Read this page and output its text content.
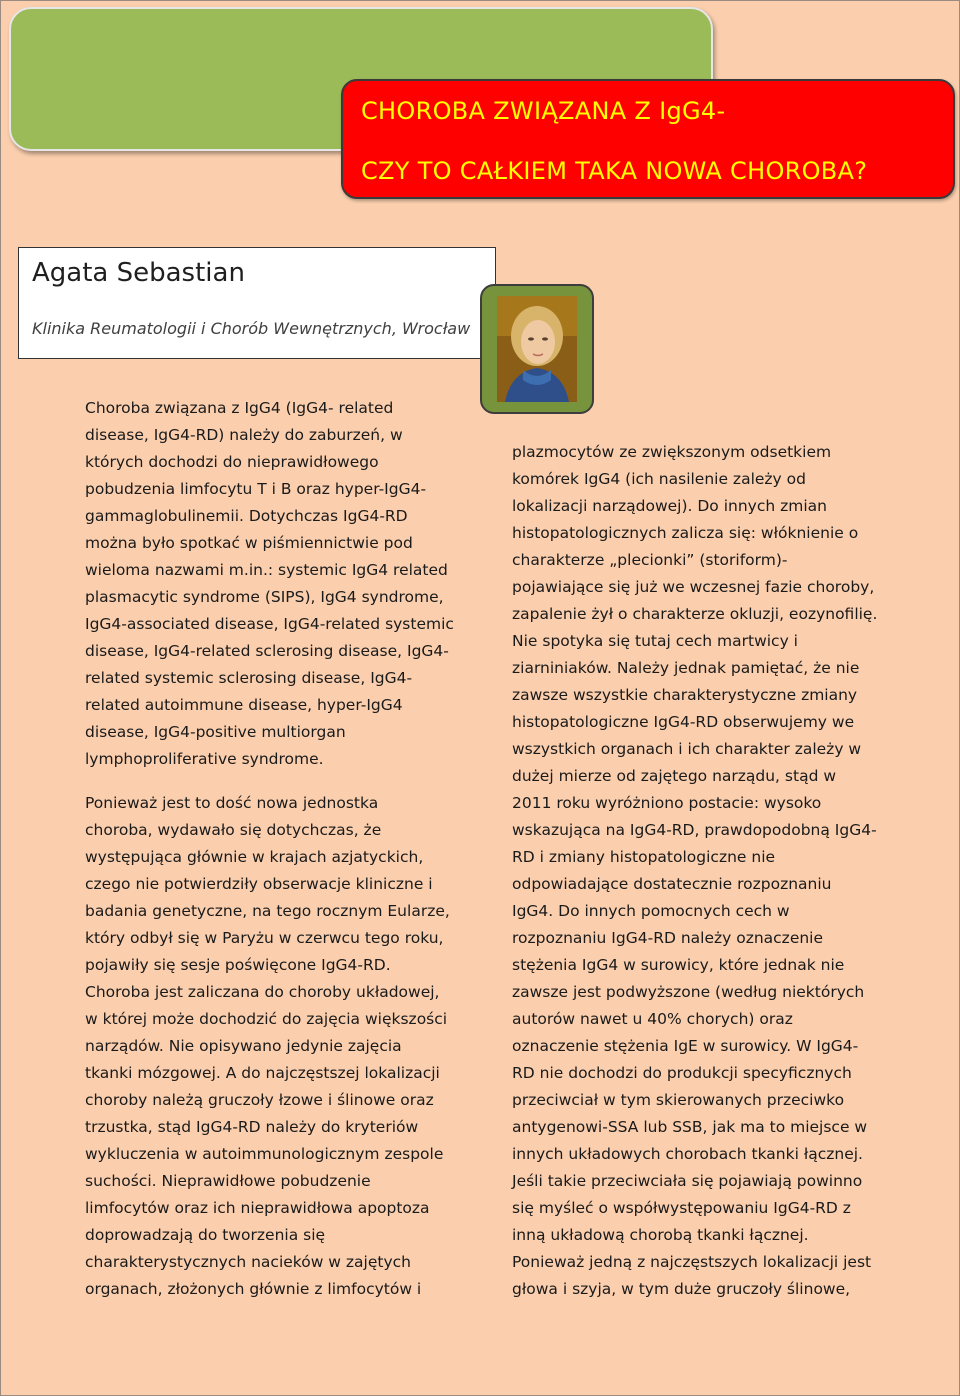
CHOROBA ZWIĄZANA Z IgG4-
CZY TO CAŁKIEM TAKA NOWA CHOROBA?
Agata Sebastian
Klinika Reumatologii i Chorób Wewnętrznych, Wrocław
Choroba związana z IgG4 (IgG4- related
disease, IgG4-RD) należy do zaburzeń, w
których dochodzi do nieprawidłowego
pobudzenia limfocytu T i B oraz hyper-IgG4-
gammaglobulinemii. Dotychczas IgG4-RD
można było spotkać w piśmiennictwie pod
wieloma nazwami m.in.: systemic IgG4 related
plasmacytic syndrome (SIPS), IgG4 syndrome,
IgG4-associated disease, IgG4-related systemic
disease, IgG4-related sclerosing disease, IgG4-
related systemic sclerosing disease, IgG4-
related autoimmune disease, hyper-IgG4
disease, IgG4-positive multiorgan
lymphoproliferative syndrome.
Ponieważ jest to dość nowa jednostka
choroba, wydawało się dotychczas, że
występująca głównie w krajach azjatyckich,
czego nie potwierdziły obserwacje kliniczne i
badania genetyczne, na tego rocznym Eularze,
który odbył się w Paryżu w czerwcu tego roku,
pojawiły się sesje poświęcone IgG4-RD.
Choroba jest zaliczana do choroby układowej,
w której może dochodzić do zajęcia większości
narządów. Nie opisywano jedynie zajęcia
tkanki mózgowej. A do najczęstszej lokalizacji
choroby należą gruczoły łzowe i ślinowe oraz
trzustka, stąd IgG4-RD należy do kryteriów
wykluczenia w autoimmunologicznym zespole
suchości. Nieprawidłowe pobudzenie
limfocytów oraz ich nieprawidłowa apoptoza
doprowadzają do tworzenia się
charakterystycznych nacieków w zajętych
organach, złożonych głównie z limfocytów i
plazmocytów ze zwiększonym odsetkiem
komórek IgG4 (ich nasilenie zależy od
lokalizacji narządowej). Do innych zmian
histopatologicznych zalicza się: włóknienie o
charakterze „plecionki” (storiform)-
pojawiające się już we wczesnej fazie choroby,
zapalenie żył o charakterze okluzji, eozynofilię.
Nie spotyka się tutaj cech martwicy i
ziarniniaków. Należy jednak pamiętać, że nie
zawsze wszystkie charakterystyczne zmiany
histopatologiczne IgG4-RD obserwujemy we
wszystkich organach i ich charakter zależy w
dużej mierze od zajętego narządu, stąd w
2011 roku wyróżniono postacie: wysoko
wskazująca na IgG4-RD, prawdopodobną IgG4-
RD i zmiany histopatologiczne nie
odpowiadające dostatecznie rozpoznaniu
IgG4. Do innych pomocnych cech w
rozpoznaniu IgG4-RD należy oznaczenie
stężenia IgG4 w surowicy, które jednak nie
zawsze jest podwyższone (według niektórych
autorów nawet u 40% chorych) oraz
oznaczenie stężenia IgE w surowicy. W IgG4-
RD nie dochodzi do produkcji specyficznych
przeciwciał w tym skierowanych przeciwko
antygenowi-SSA lub SSB, jak ma to miejsce w
innych układowych chorobach tkanki łącznej.
Jeśli takie przeciwciała się pojawiają powinno
się myśleć o współwystępowaniu IgG4-RD z
inną układową chorobą tkanki łącznej.
Ponieważ jedną z najczęstszych lokalizacji jest
głowa i szyja, w tym duże gruczoły ślinowe,
